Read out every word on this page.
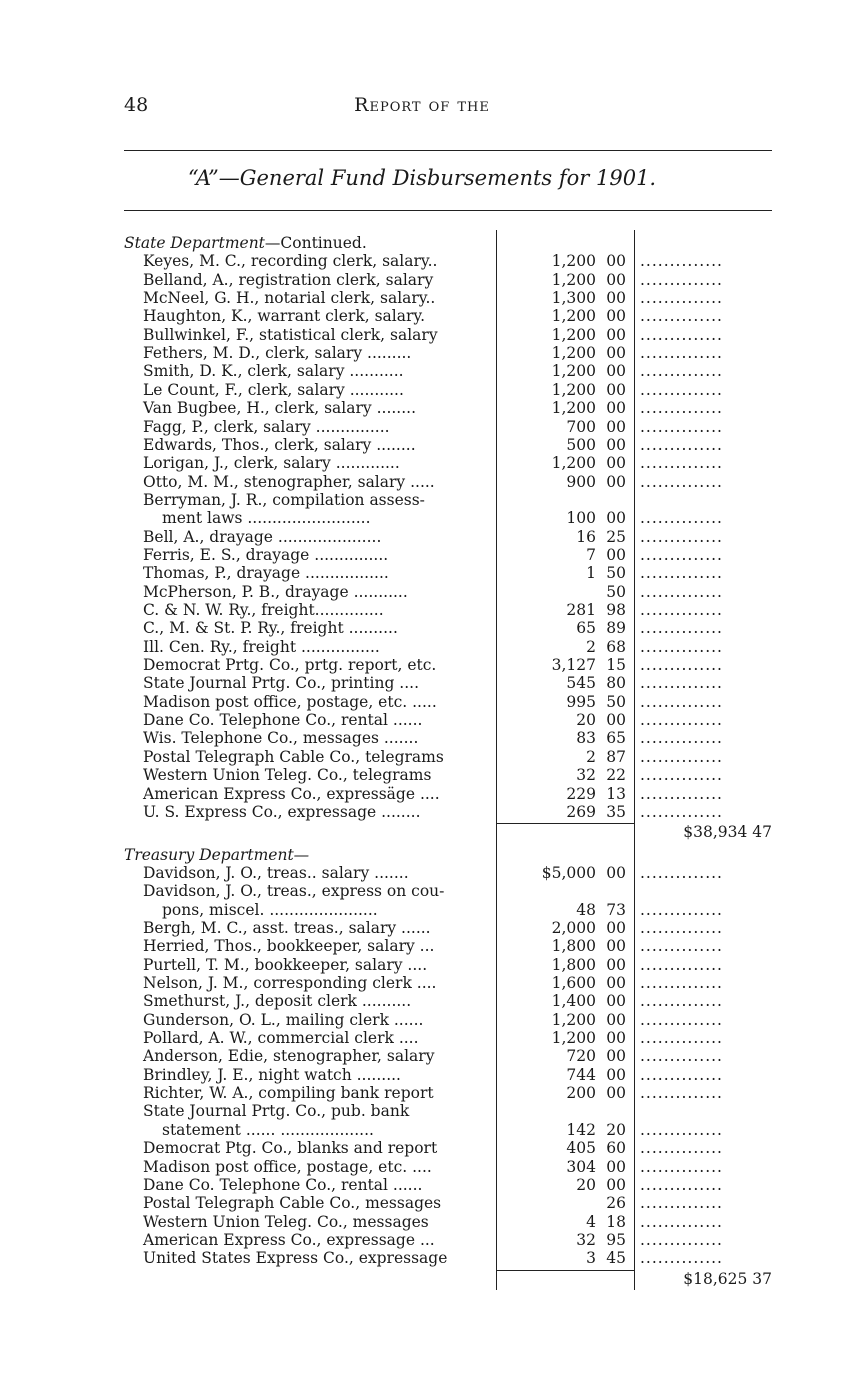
48	Report of the
“A”—General Fund Disbursements for 1901.
State Department—Continued.
Keyes, M. C., recording clerk, salary..	1,200 00 ..............
Belland, A., registration clerk, salary	1,200 00 ..............
McNeel, G. H., notarial clerk, salary..	1,300 00 ..............
Haughton, K., warrant clerk, salary.	1,200 00 ..............
Bullwinkel, F., statistical clerk, salary	1,200 00 ..............
Fethers, M. D., clerk, salary .........	1,200 00 ..............
Smith, D. K., clerk, salary ...........	1,200 00 ..............
Le Count, F., clerk, salary ...........	1,200 00 ..............
Van Bugbee, H., clerk, salary ........	1,200 00 ..............
Fagg, P., clerk, salary ...............	700 00 ..............
Edwards, Thos., clerk, salary ........	500 00 ..............
Lorigan, J., clerk, salary .............	1,200 00 ..............
Otto, M. M., stenographer, salary .....	900 00 ..............
Berryman, J. R., compilation assess-
ment laws .........................	100 00 ..............
Bell, A., drayage .....................	16 25 ..............
Ferris, E. S., drayage ...............	7 00 ..............
Thomas, P., drayage .................	1 50 ..............
McPherson, P. B., drayage ...........	50 ..............
C. & N. W. Ry., freight..............	281 98 ..............
C., M. & St. P. Ry., freight ..........	65 89 ..............
Ill. Cen. Ry., freight ................	2 68 ..............
Democrat Prtg. Co., prtg. report, etc.	3,127 15 ..............
State Journal Prtg. Co., printing ....	545 80 ..............
Madison post office, postage, etc. .....	995 50 ..............
Dane Co. Telephone Co., rental ......	20 00 ..............
Wis. Telephone Co., messages .......	83 65 ..............
Postal Telegraph Cable Co., telegrams	2 87 ..............
Western Union Teleg. Co., telegrams	32 22 ..............
American Express Co., expressäge ....	229 13 ..............
U. S. Express Co., expressage ........	269 35 ..............
$38,934 47
Treasury Department—
Davidson, J. O., treas.. salary .......	$5,000 00 ..............
Davidson, J. O., treas., express on cou-
pons, miscel. ......................	48 73 ..............
Bergh, M. C., asst. treas., salary ......	2,000 00 ..............
Herried, Thos., bookkeeper, salary ...	1,800 00 ..............
Purtell, T. M., bookkeeper, salary ....	1,800 00 ..............
Nelson, J. M., corresponding clerk ....	1,600 00 ..............
Smethurst, J., deposit clerk ..........	1,400 00 ..............
Gunderson, O. L., mailing clerk ......	1,200 00 ..............
Pollard, A. W., commercial clerk ....	1,200 00 ..............
Anderson, Edie, stenographer, salary	720 00 ..............
Brindley, J. E., night watch .........	744 00 ..............
Richter, W. A., compiling bank report	200 00 ..............
State Journal Prtg. Co., pub. bank
statement ...... ...................	142 20 ..............
Democrat Ptg. Co., blanks and report	405 60 ..............
Madison post office, postage, etc. ....	304 00 ..............
Dane Co. Telephone Co., rental ......	20 00 ..............
Postal Telegraph Cable Co., messages	26 ..............
Western Union Teleg. Co., messages	4 18 ..............
American Express Co., expressage ...	32 95 ..............
United States Express Co., expressage	3 45 ..............
$18,625 37
